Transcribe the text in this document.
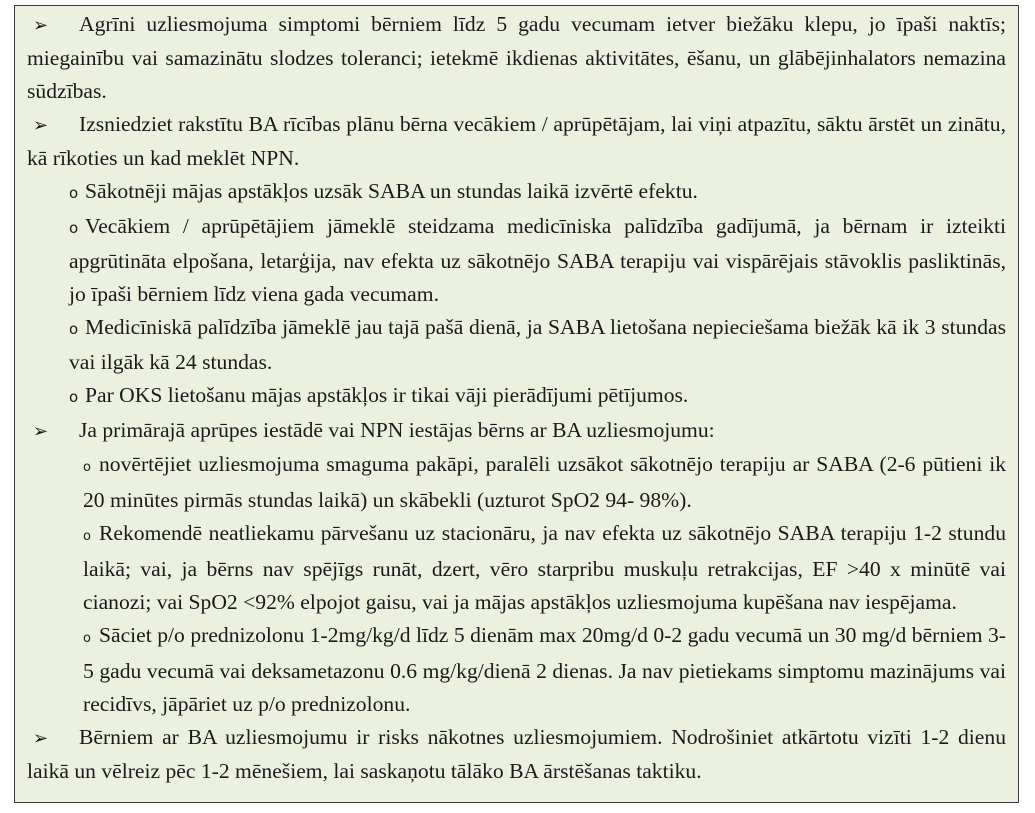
➢ Agrīni uzliesmojuma simptomi bērniem līdz 5 gadu vecumam ietver biežāku klepu, jo īpaši naktīs; miegainību vai samazinātu slodzes toleranci; ietekmē ikdienas aktivitātes, ēšanu, un glābējinhalators nemazina sūdzības.

➢ Izsniedziet rakstītu BA rīcības plānu bērna vecākiem / aprūpētājam, lai viņi atpazītu, sāktu ārstēt un zinātu, kā rīkoties un kad meklēt NPN.

o Sākotnēji mājas apstākļos uzsāk SABA un stundas laikā izvērtē efektu.

o Vecākiem / aprūpētājiem jāmeklē steidzama medicīniska palīdzība gadījumā, ja bērnam ir izteikti apgrūtināta elpošana, letarģija, nav efekta uz sākotnējo SABA terapiju vai vispārējais stāvoklis pasliktinās, jo īpaši bērniem līdz viena gada vecumam.

o Medicīniskā palīdzība jāmeklē jau tajā pašā dienā, ja SABA lietošana nepieciešama biežāk kā ik 3 stundas vai ilgāk kā 24 stundas.

o Par OKS lietošanu mājas apstākļos ir tikai vāji pierādījumi pētījumos.

➢ Ja primārajā aprūpes iestādē vai NPN iestājas bērns ar BA uzliesmojumu:

o novērtējiet uzliesmojuma smaguma pakāpi, paralēli uzsākot sākotnējo terapiju ar SABA (2-6 pūtieni ik 20 minūtes pirmās stundas laikā) un skābekli (uzturot SpO2 94- 98%).

o Rekomendē neatliekamu pārvešanu uz stacionāru, ja nav efekta uz sākotnējo SABA terapiju 1-2 stundu laikā; vai, ja bērns nav spējīgs runāt, dzert, vēro starpribu muskuļu retrakcijas, EF >40 x minūtē vai cianozi; vai SpO2 <92% elpojot gaisu, vai ja mājas apstākļos uzliesmojuma kupēšana nav iespējama.

o Sāciet p/o prednizolonu 1-2mg/kg/d līdz 5 dienām max 20mg/d 0-2 gadu vecumā un 30 mg/d bērniem 3-5 gadu vecumā vai deksametazonu 0.6 mg/kg/dienā 2 dienas. Ja nav pietiekams simptomu mazinājums vai recidīvs, jāpāriet uz p/o prednizolonu.

➢ Bērniem ar BA uzliesmojumu ir risks nākotnes uzliesmojumiem. Nodrošiniet atkārtotu vizīti 1-2 dienu laikā un vēlreiz pēc 1-2 mēnešiem, lai saskaņotu tālāko BA ārstēšanas taktiku.
